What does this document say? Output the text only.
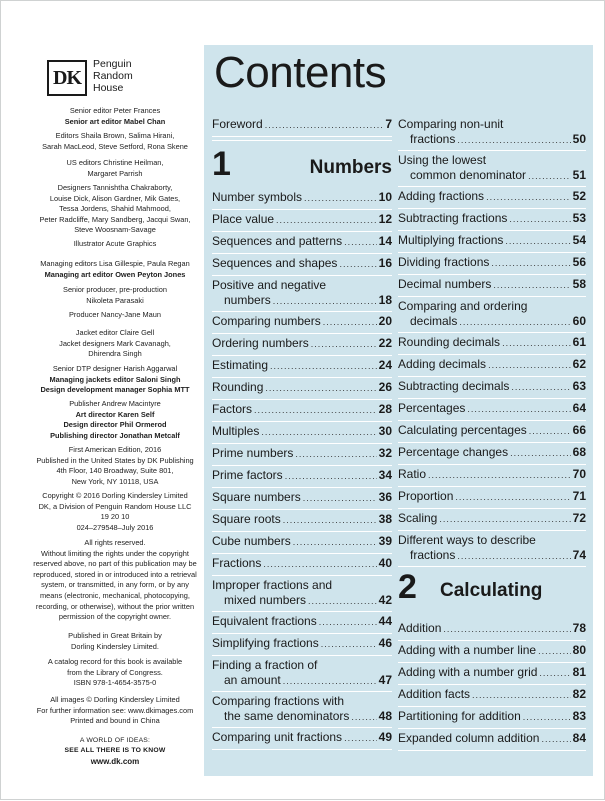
DK
Penguin
Random
House
Senior editor Peter Frances
Senior art editor Mabel Chan
Editors Shaila Brown, Salima Hirani,
Sarah MacLeod, Steve Setford, Rona Skene
US editors Christine Heilman,
Margaret Parrish
Designers Tannishtha Chakraborty,
Louise Dick, Alison Gardner, Mik Gates,
Tessa Jordens, Shahid Mahmood,
Peter Radcliffe, Mary Sandberg, Jacqui Swan,
Steve Woosnam-Savage
Illustrator Acute Graphics
Managing editors Lisa Gillespie, Paula Regan
Managing art editor Owen Peyton Jones
Senior producer, pre-production
Nikoleta Parasaki
Producer Nancy-Jane Maun
Jacket editor Claire Gell
Jacket designers Mark Cavanagh,
Dhirendra Singh
Senior DTP designer Harish Aggarwal
Managing jackets editor Saloni Singh
Design development manager Sophia MTT
Publisher Andrew Macintyre
Art director Karen Self
Design director Phil Ormerod
Publishing director Jonathan Metcalf
First American Edition, 2016
Published in the United States by DK Publishing
4th Floor, 140 Broadway, Suite 801,
New York, NY 10118, USA
Copyright © 2016 Dorling Kindersley Limited
DK, a Division of Penguin Random House LLC
19 20 10
024–279548–July 2016
All rights reserved.
Without limiting the rights under the copyright
reserved above, no part of this publication may be
reproduced, stored in or introduced into a retrieval
system, or transmitted, in any form, or by any
means (electronic, mechanical, photocopying,
recording, or otherwise), without the prior written
permission of the copyright owner.
Published in Great Britain by
Dorling Kindersley Limited.
A catalog record for this book is available
from the Library of Congress.
ISBN 978-1-4654-3575-0
All images © Dorling Kindersley Limited
For further information see: www.dkimages.com
Printed and bound in China
A WORLD OF IDEAS:
SEE ALL THERE IS TO KNOW
www.dk.com
Contents
1	Numbers
Foreword .....	7
Number symbols .....	10
Place value .....	12
Sequences and patterns .....	14
Sequences and shapes .....	16
Positive and negative
numbers .....	18
Comparing numbers .....	20
Ordering numbers .....	22
Estimating .....	24
Rounding .....	26
Factors .....	28
Multiples .....	30
Prime numbers .....	32
Prime factors .....	34
Square numbers .....	36
Square roots .....	38
Cube numbers .....	39
Fractions .....	40
Improper fractions and
mixed numbers .....	42
Equivalent fractions .....	44
Simplifying fractions .....	46
Finding a fraction of
an amount .....	47
Comparing fractions with
the same denominators ..... 48
Comparing unit fractions .....	49
2 Calculating
Comparing non-unit
fractions .....	50
Using the lowest
common denominator .....	51
Adding fractions .....	52
Subtracting fractions .....	53
Multiplying fractions .....	54
Dividing fractions .....	56
Decimal numbers .....	58
Comparing and ordering
decimals .....	60
Rounding decimals .....	61
Adding decimals .....	62
Subtracting decimals .....	63
Percentages .....	64
Calculating percentages .....	66
Percentage changes .....	68
Ratio .....	70
Proportion .....	71
Scaling .....	72
Different ways to describe
fractions .....	74
Addition .....	78
Adding with a number line .....	80
Adding with a number grid .....	81
Addition facts .....	82
Partitioning for addition .....	83
Expanded column addition .....	84
